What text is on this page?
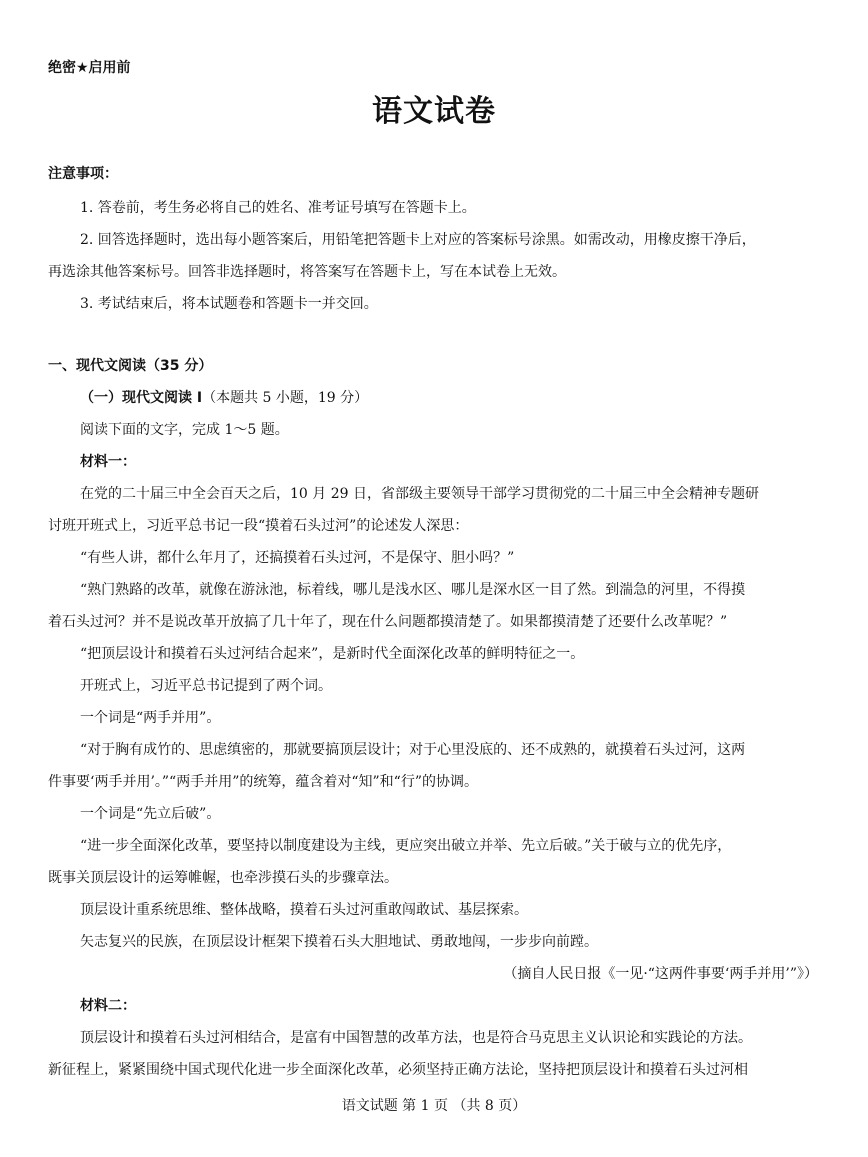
绝密★启用前
语文试卷
注意事项：
1. 答卷前，考生务必将自己的姓名、准考证号填写在答题卡上。
2. 回答选择题时，选出每小题答案后，用铅笔把答题卡上对应的答案标号涂黑。如需改动，用橡皮擦干净后，
再选涂其他答案标号。回答非选择题时，将答案写在答题卡上，写在本试卷上无效。
3. 考试结束后，将本试题卷和答题卡一并交回。
一、现代文阅读（35 分）
（一）现代文阅读 I（本题共 5 小题，19 分）
阅读下面的文字，完成 1～5 题。
材料一：
在党的二十届三中全会百天之后，10 月 29 日，省部级主要领导干部学习贯彻党的二十届三中全会精神专题研
讨班开班式上，习近平总书记一段“摸着石头过河”的论述发人深思：
“有些人讲，都什么年月了，还搞摸着石头过河，不是保守、胆小吗？”
“熟门熟路的改革，就像在游泳池，标着线，哪儿是浅水区、哪儿是深水区一目了然。到湍急的河里，不得摸
着石头过河？并不是说改革开放搞了几十年了，现在什么问题都摸清楚了。如果都摸清楚了还要什么改革呢？”
“把顶层设计和摸着石头过河结合起来”，是新时代全面深化改革的鲜明特征之一。
开班式上，习近平总书记提到了两个词。
一个词是“两手并用”。
“对于胸有成竹的、思虑缜密的，那就要搞顶层设计；对于心里没底的、还不成熟的，就摸着石头过河，这两
件事要‘两手并用’。”“两手并用”的统筹，蕴含着对“知”和“行”的协调。
一个词是“先立后破”。
“进一步全面深化改革，要坚持以制度建设为主线，更应突出破立并举、先立后破。”关于破与立的优先序，
既事关顶层设计的运筹帷幄，也牵涉摸石头的步骤章法。
顶层设计重系统思维、整体战略，摸着石头过河重敢闯敢试、基层探索。
矢志复兴的民族，在顶层设计框架下摸着石头大胆地试、勇敢地闯，一步步向前蹚。
（摘自人民日报《一见·“这两件事要‘两手并用’”》）
材料二：
顶层设计和摸着石头过河相结合，是富有中国智慧的改革方法，也是符合马克思主义认识论和实践论的方法。
新征程上，紧紧围绕中国式现代化进一步全面深化改革，必须坚持正确方法论，坚持把顶层设计和摸着石头过河相
语文试题 第 1 页 （共 8 页）
